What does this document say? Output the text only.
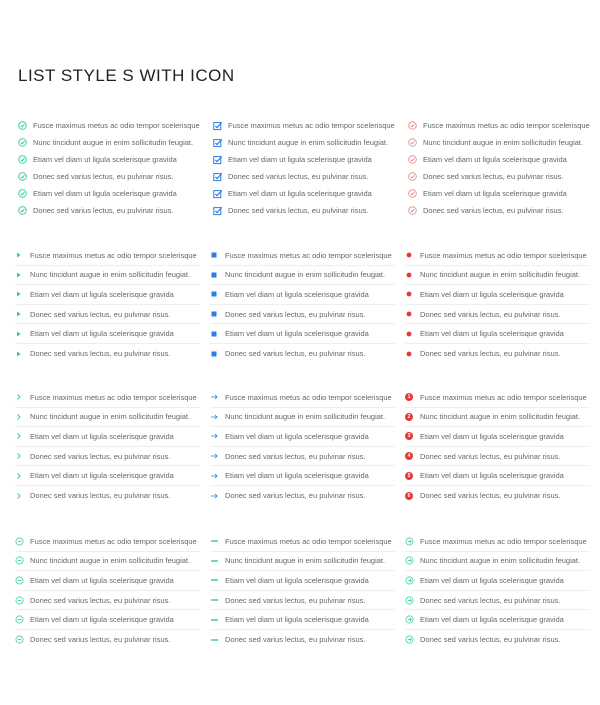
LIST STYLE S WITH ICON
Fusce maximus metus ac odio tempor scelerisque
Nunc tincidunt augue in enim sollicitudin feugiat.
Etiam vel diam ut ligula scelerisque gravida
Donec sed varius lectus, eu pulvinar risus.
Etiam vel diam ut ligula scelerisque gravida
Donec sed varius lectus, eu pulvinar risus.
Fusce maximus metus ac odio tempor scelerisque
Nunc tincidunt augue in enim sollicitudin feugiat.
Etiam vel diam ut ligula scelerisque gravida
Donec sed varius lectus, eu pulvinar risus.
Etiam vel diam ut ligula scelerisque gravida
Donec sed varius lectus, eu pulvinar risus.
Fusce maximus metus ac odio tempor scelerisque
Nunc tincidunt augue in enim sollicitudin feugiat.
Etiam vel diam ut ligula scelerisque gravida
Donec sed varius lectus, eu pulvinar risus.
Etiam vel diam ut ligula scelerisque gravida
Donec sed varius lectus, eu pulvinar risus.
Fusce maximus metus ac odio tempor scelerisque
Nunc tincidunt augue in enim sollicitudin feugiat.
Etiam vel diam ut ligula scelerisque gravida
Donec sed varius lectus, eu pulvinar risus.
Etiam vel diam ut ligula scelerisque gravida
Donec sed varius lectus, eu pulvinar risus.
Fusce maximus metus ac odio tempor scelerisque
Nunc tincidunt augue in enim sollicitudin feugiat.
Etiam vel diam ut ligula scelerisque gravida
Donec sed varius lectus, eu pulvinar risus.
Etiam vel diam ut ligula scelerisque gravida
Donec sed varius lectus, eu pulvinar risus.
Fusce maximus metus ac odio tempor scelerisque
Nunc tincidunt augue in enim sollicitudin feugiat.
Etiam vel diam ut ligula scelerisque gravida
Donec sed varius lectus, eu pulvinar risus.
Etiam vel diam ut ligula scelerisque gravida
Donec sed varius lectus, eu pulvinar risus.
Fusce maximus metus ac odio tempor scelerisque
Nunc tincidunt augue in enim sollicitudin feugiat.
Etiam vel diam ut ligula scelerisque gravida
Donec sed varius lectus, eu pulvinar risus.
Etiam vel diam ut ligula scelerisque gravida
Donec sed varius lectus, eu pulvinar risus.
Fusce maximus metus ac odio tempor scelerisque
Nunc tincidunt augue in enim sollicitudin feugiat.
Etiam vel diam ut ligula scelerisque gravida
Donec sed varius lectus, eu pulvinar risus.
Etiam vel diam ut ligula scelerisque gravida
Donec sed varius lectus, eu pulvinar risus.
1	Fusce maximus metus ac odio tempor scelerisque
2	Nunc tincidunt augue in enim sollicitudin feugiat.
3	Etiam vel diam ut ligula scelerisque gravida
4	Donec sed varius lectus, eu pulvinar risus.
5	Etiam vel diam ut ligula scelerisque gravida
6	Donec sed varius lectus, eu pulvinar risus.
Fusce maximus metus ac odio tempor scelerisque
Nunc tincidunt augue in enim sollicitudin feugiat.
Etiam vel diam ut ligula scelerisque gravida
Donec sed varius lectus, eu pulvinar risus.
Etiam vel diam ut ligula scelerisque gravida
Donec sed varius lectus, eu pulvinar risus.
Fusce maximus metus ac odio tempor scelerisque
Nunc tincidunt augue in enim sollicitudin feugiat.
Etiam vel diam ut ligula scelerisque gravida
Donec sed varius lectus, eu pulvinar risus.
Etiam vel diam ut ligula scelerisque gravida
Donec sed varius lectus, eu pulvinar risus.
Fusce maximus metus ac odio tempor scelerisque
Nunc tincidunt augue in enim sollicitudin feugiat.
Etiam vel diam ut ligula scelerisque gravida
Donec sed varius lectus, eu pulvinar risus.
Etiam vel diam ut ligula scelerisque gravida
Donec sed varius lectus, eu pulvinar risus.
